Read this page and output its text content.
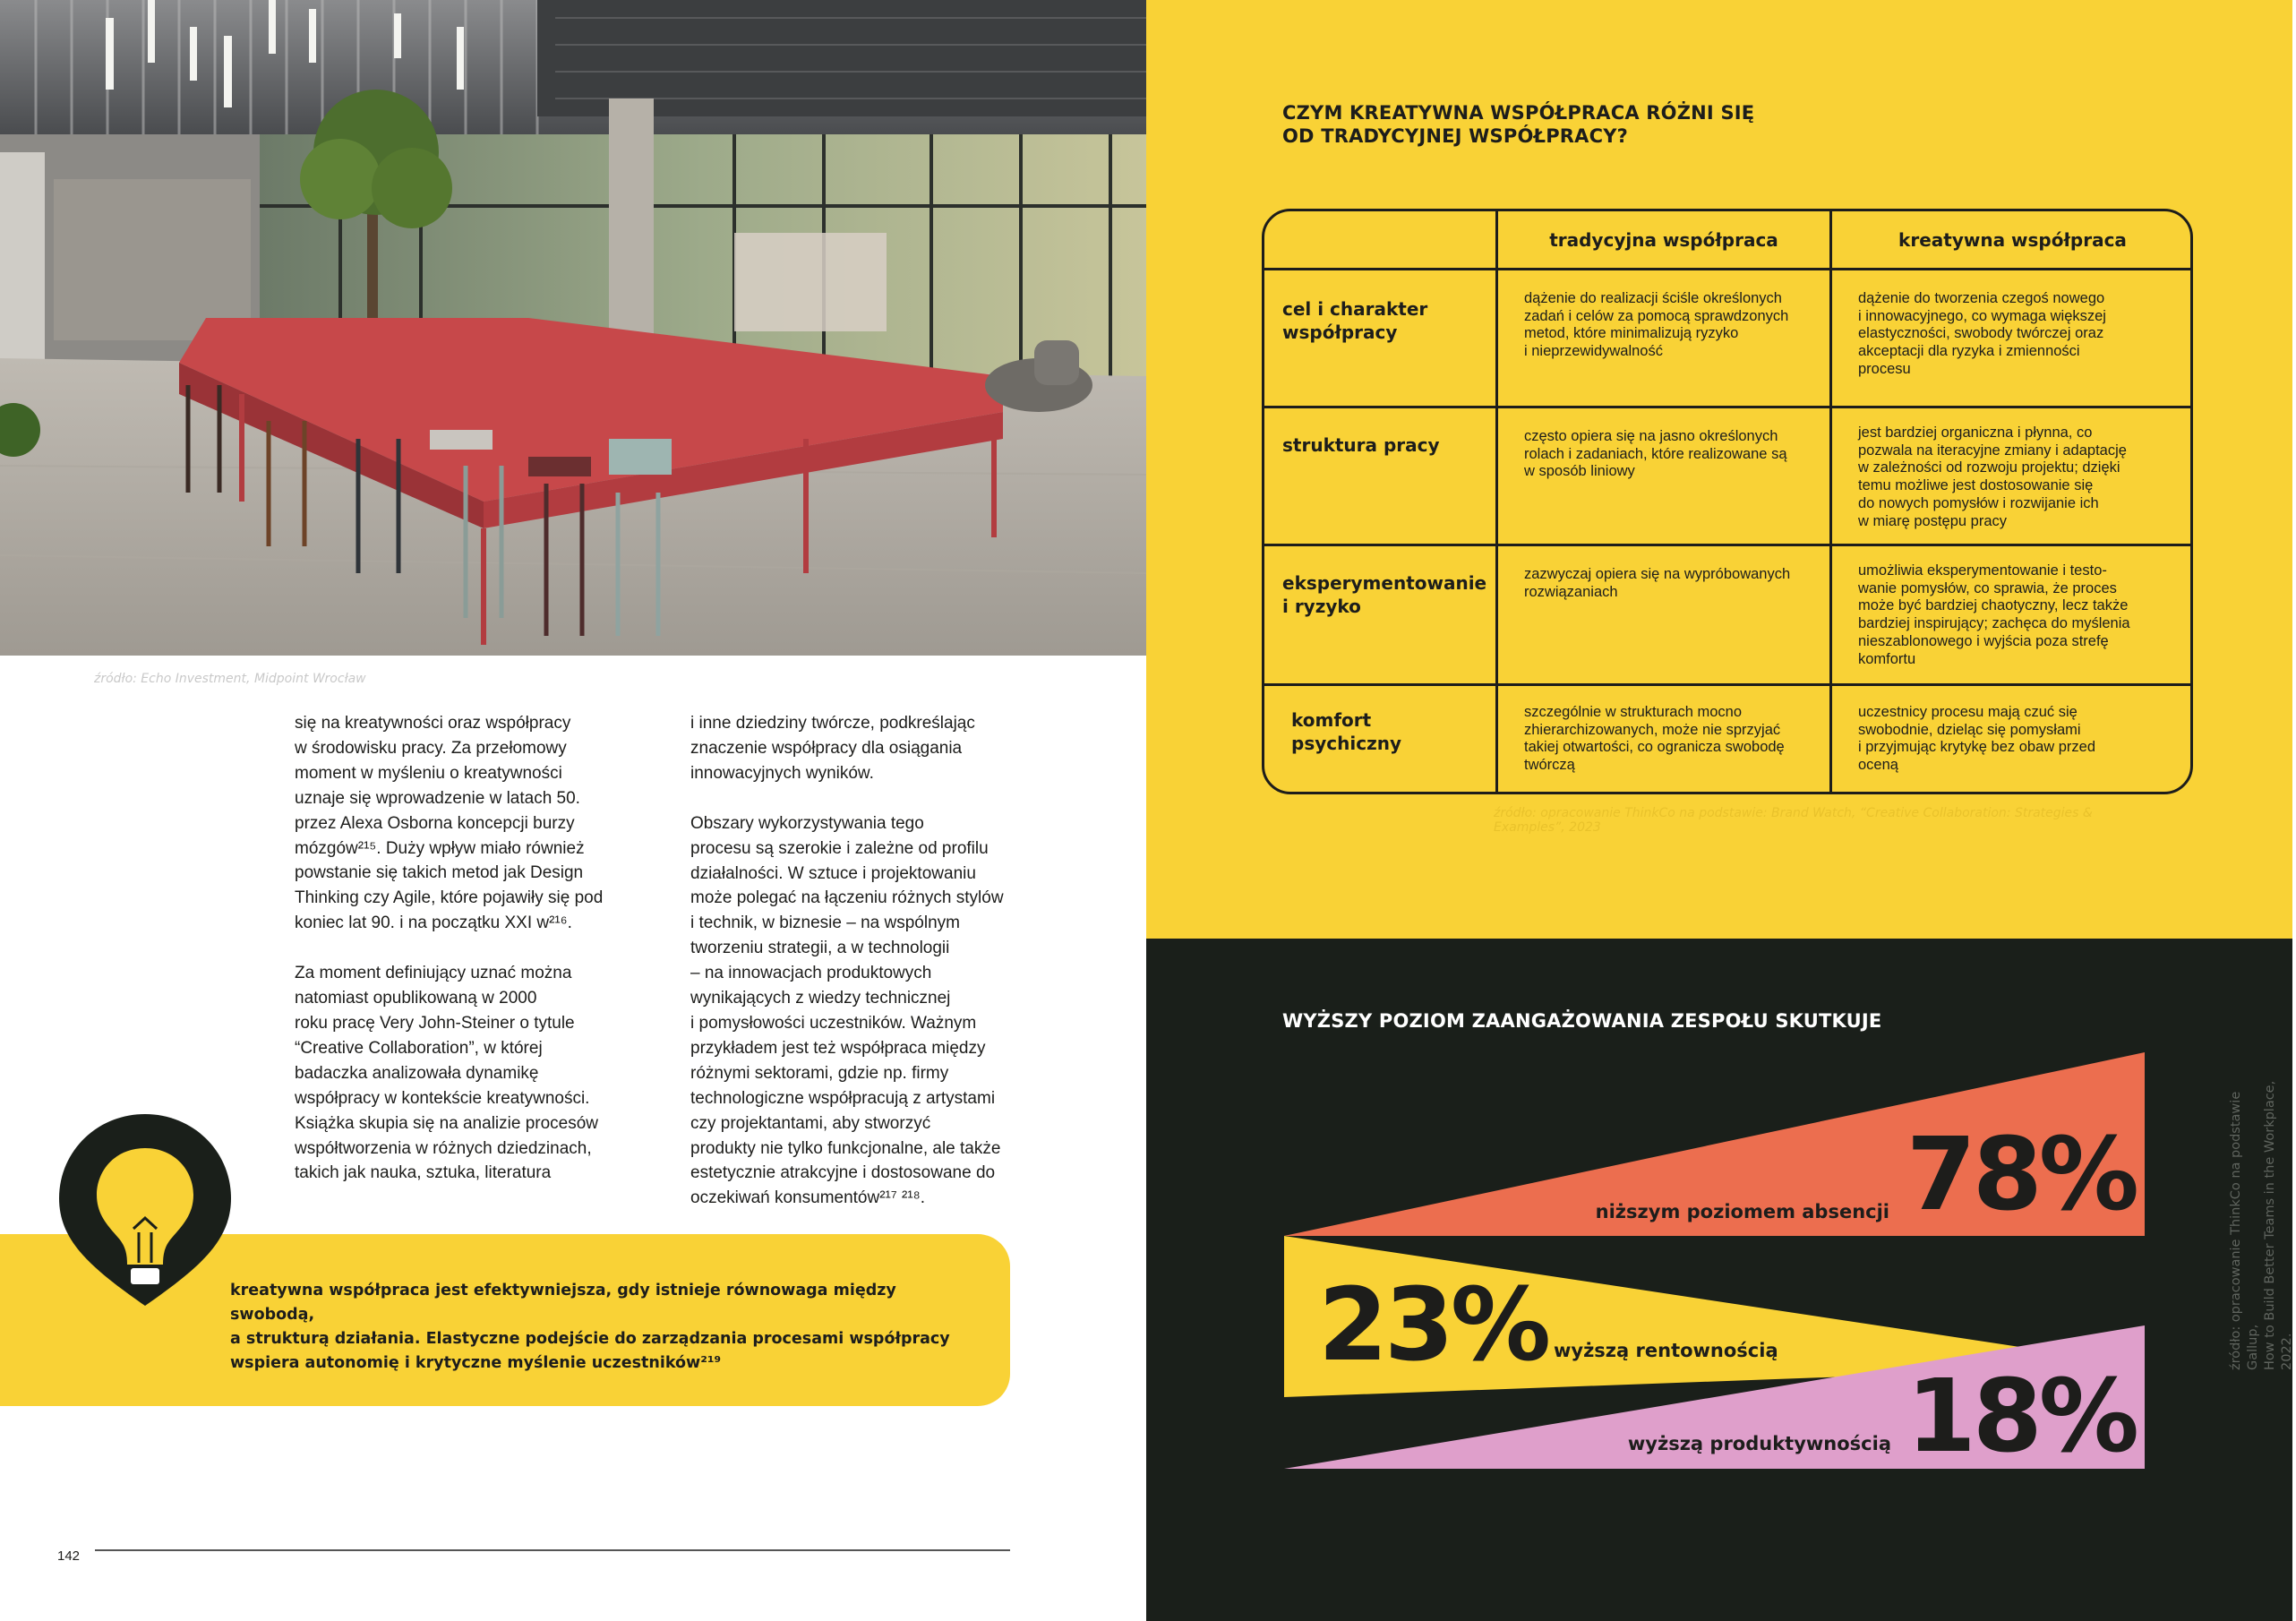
źródło: Echo Investment, Midpoint Wrocław

się na kreatywności oraz współpracy
w środowisku pracy. Za przełomowy
moment w myśleniu o kreatywności
uznaje się wprowadzenie w latach 50.
przez Alexa Osborna koncepcji burzy
mózgów²¹⁵. Duży wpływ miało również
powstanie się takich metod jak Design
Thinking czy Agile, które pojawiły się pod
koniec lat 90. i na początku XXI w²¹⁶.

Za moment definiujący uznać można
natomiast opublikowaną w 2000
roku pracę Very John-Steiner o tytule
“Creative Collaboration”, w której
badaczka analizowała dynamikę
współpracy w kontekście kreatywności.
Książka skupia się na analizie procesów
współtworzenia w różnych dziedzinach,
takich jak nauka, sztuka, literatura

i inne dziedziny twórcze, podkreślając
znaczenie współpracy dla osiągania
innowacyjnych wyników.

Obszary wykorzystywania tego
procesu są szerokie i zależne od profilu
działalności. W sztuce i projektowaniu
może polegać na łączeniu różnych stylów
i technik, w biznesie – na wspólnym
tworzeniu strategii, a w technologii
– na innowacjach produktowych
wynikających z wiedzy technicznej
i pomysłowości uczestników. Ważnym
przykładem jest też współpraca między
różnymi sektorami, gdzie np. firmy
technologiczne współpracują z artystami
czy projektantami, aby stworzyć
produkty nie tylko funkcjonalne, ale także
estetycznie atrakcyjne i dostosowane do
oczekiwań konsumentów²¹⁷ ²¹⁸.

kreatywna współpraca jest efektywniejsza, gdy istnieje równowaga między swobodą,
a strukturą działania. Elastyczne podejście do zarządzania procesami współpracy
wspiera autonomię i krytyczne myślenie uczestników²¹⁹
142
CZYM KREATYWNA WSPÓŁPRACA RÓŻNI SIĘ
OD TRADYCYJNEJ WSPÓŁPRACY?
tradycyjna współpraca	kreatywna współpraca
cel i charakter
współpracy
dążenie do realizacji ściśle określonych
zadań i celów za pomocą sprawdzonych
metod, które minimalizują ryzyko
i nieprzewidywalność
dążenie do tworzenia czegoś nowego
i innowacyjnego, co wymaga większej
elastyczności, swobody twórczej oraz
akceptacji dla ryzyka i zmienności
procesu
struktura pracy	często opiera się na jasno określonych
rolach i zadaniach, które realizowane są
w sposób liniowy
jest bardziej organiczna i płynna, co
pozwala na iteracyjne zmiany i adaptację
w zależności od rozwoju projektu; dzięki
temu możliwe jest dostosowanie się
do nowych pomysłów i rozwijanie ich
w miarę postępu pracy
eksperymentowanie
i ryzyko
zazwyczaj opiera się na wypróbowanych
rozwiązaniach
umożliwia eksperymentowanie i testo-
wanie pomysłów, co sprawia, że proces
może być bardziej chaotyczny, lecz także
bardziej inspirujący; zachęca do myślenia
nieszablonowego i wyjścia poza strefę
komfortu
komfort
psychiczny
szczególnie w strukturach mocno
zhierarchizowanych, może nie sprzyjać
takiej otwartości, co ogranicza swobodę
twórczą
uczestnicy procesu mają czuć się
swobodnie, dzieląc się pomysłami
i przyjmując krytykę bez obaw przed
oceną
źródło: opracowanie ThinkCo na podstawie: Brand Watch, “Creative Collaboration: Strategies & Examples”, 2023
WYŻSZY POZIOM ZAANGAŻOWANIA ZESPOŁU SKUTKUJE
78%
niższym poziomem absencji
23% wyższą rentownością
18%
wyższą produktywnością
źródło: opracowanie ThinkCo na podstawie Gallup,
How to Build Better Teams in the Workplace, 2022.
